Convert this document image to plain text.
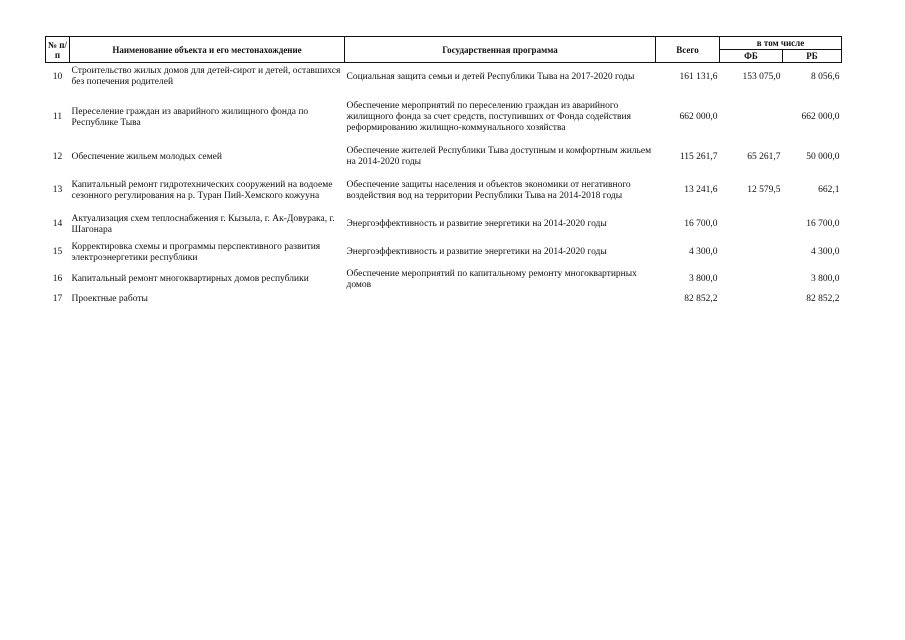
№ п/п	Наименование объекта и его местонахождение	Государственная программа	Всего	в том числе	
				ФБ	РБ
10	Строительство жилых домов для детей-сирот и детей, оставшихся без попечения родителей	Социальная защита семьи и детей Республики Тыва на 2017-2020 годы	161 131,6	153 075,0	8 056,6
11	Переселение граждан из аварийного жилищного фонда по Республике Тыва	Обеспечение мероприятий по переселению граждан из аварийного жилищного фонда за счет средств, поступивших от Фонда содействия реформированию жилищно-коммунального хозяйства	662 000,0		662 000,0
12	Обеспечение жильем молодых семей	Обеспечение жителей Республики Тыва доступным и комфортным жильем на 2014-2020 годы	115 261,7	65 261,7	50 000,0
13	Капитальный ремонт гидротехнических сооружений на водоеме сезонного регулирования на р. Туран Пий-Хемского кожууна	Обеспечение защиты населения и объектов экономики от негативного воздействия вод на территории Республики Тыва на 2014-2018 годы	13 241,6	12 579,5	662,1
14	Актуализация схем теплоснабжения г. Кызыла, г. Ак-Довурака, г. Шагонара	Энергоэффективность и развитие энергетики на 2014-2020 годы	16 700,0		16 700,0
15	Корректировка схемы и программы перспективного развития электроэнергетики республики	Энергоэффективность и развитие энергетики на 2014-2020 годы	4 300,0		4 300,0
16	Капитальный ремонт многоквартирных домов республики	Обеспечение мероприятий по капитальному ремонту многоквартирных домов	3 800,0		3 800,0
17	Проектные работы		82 852,2		82 852,2
